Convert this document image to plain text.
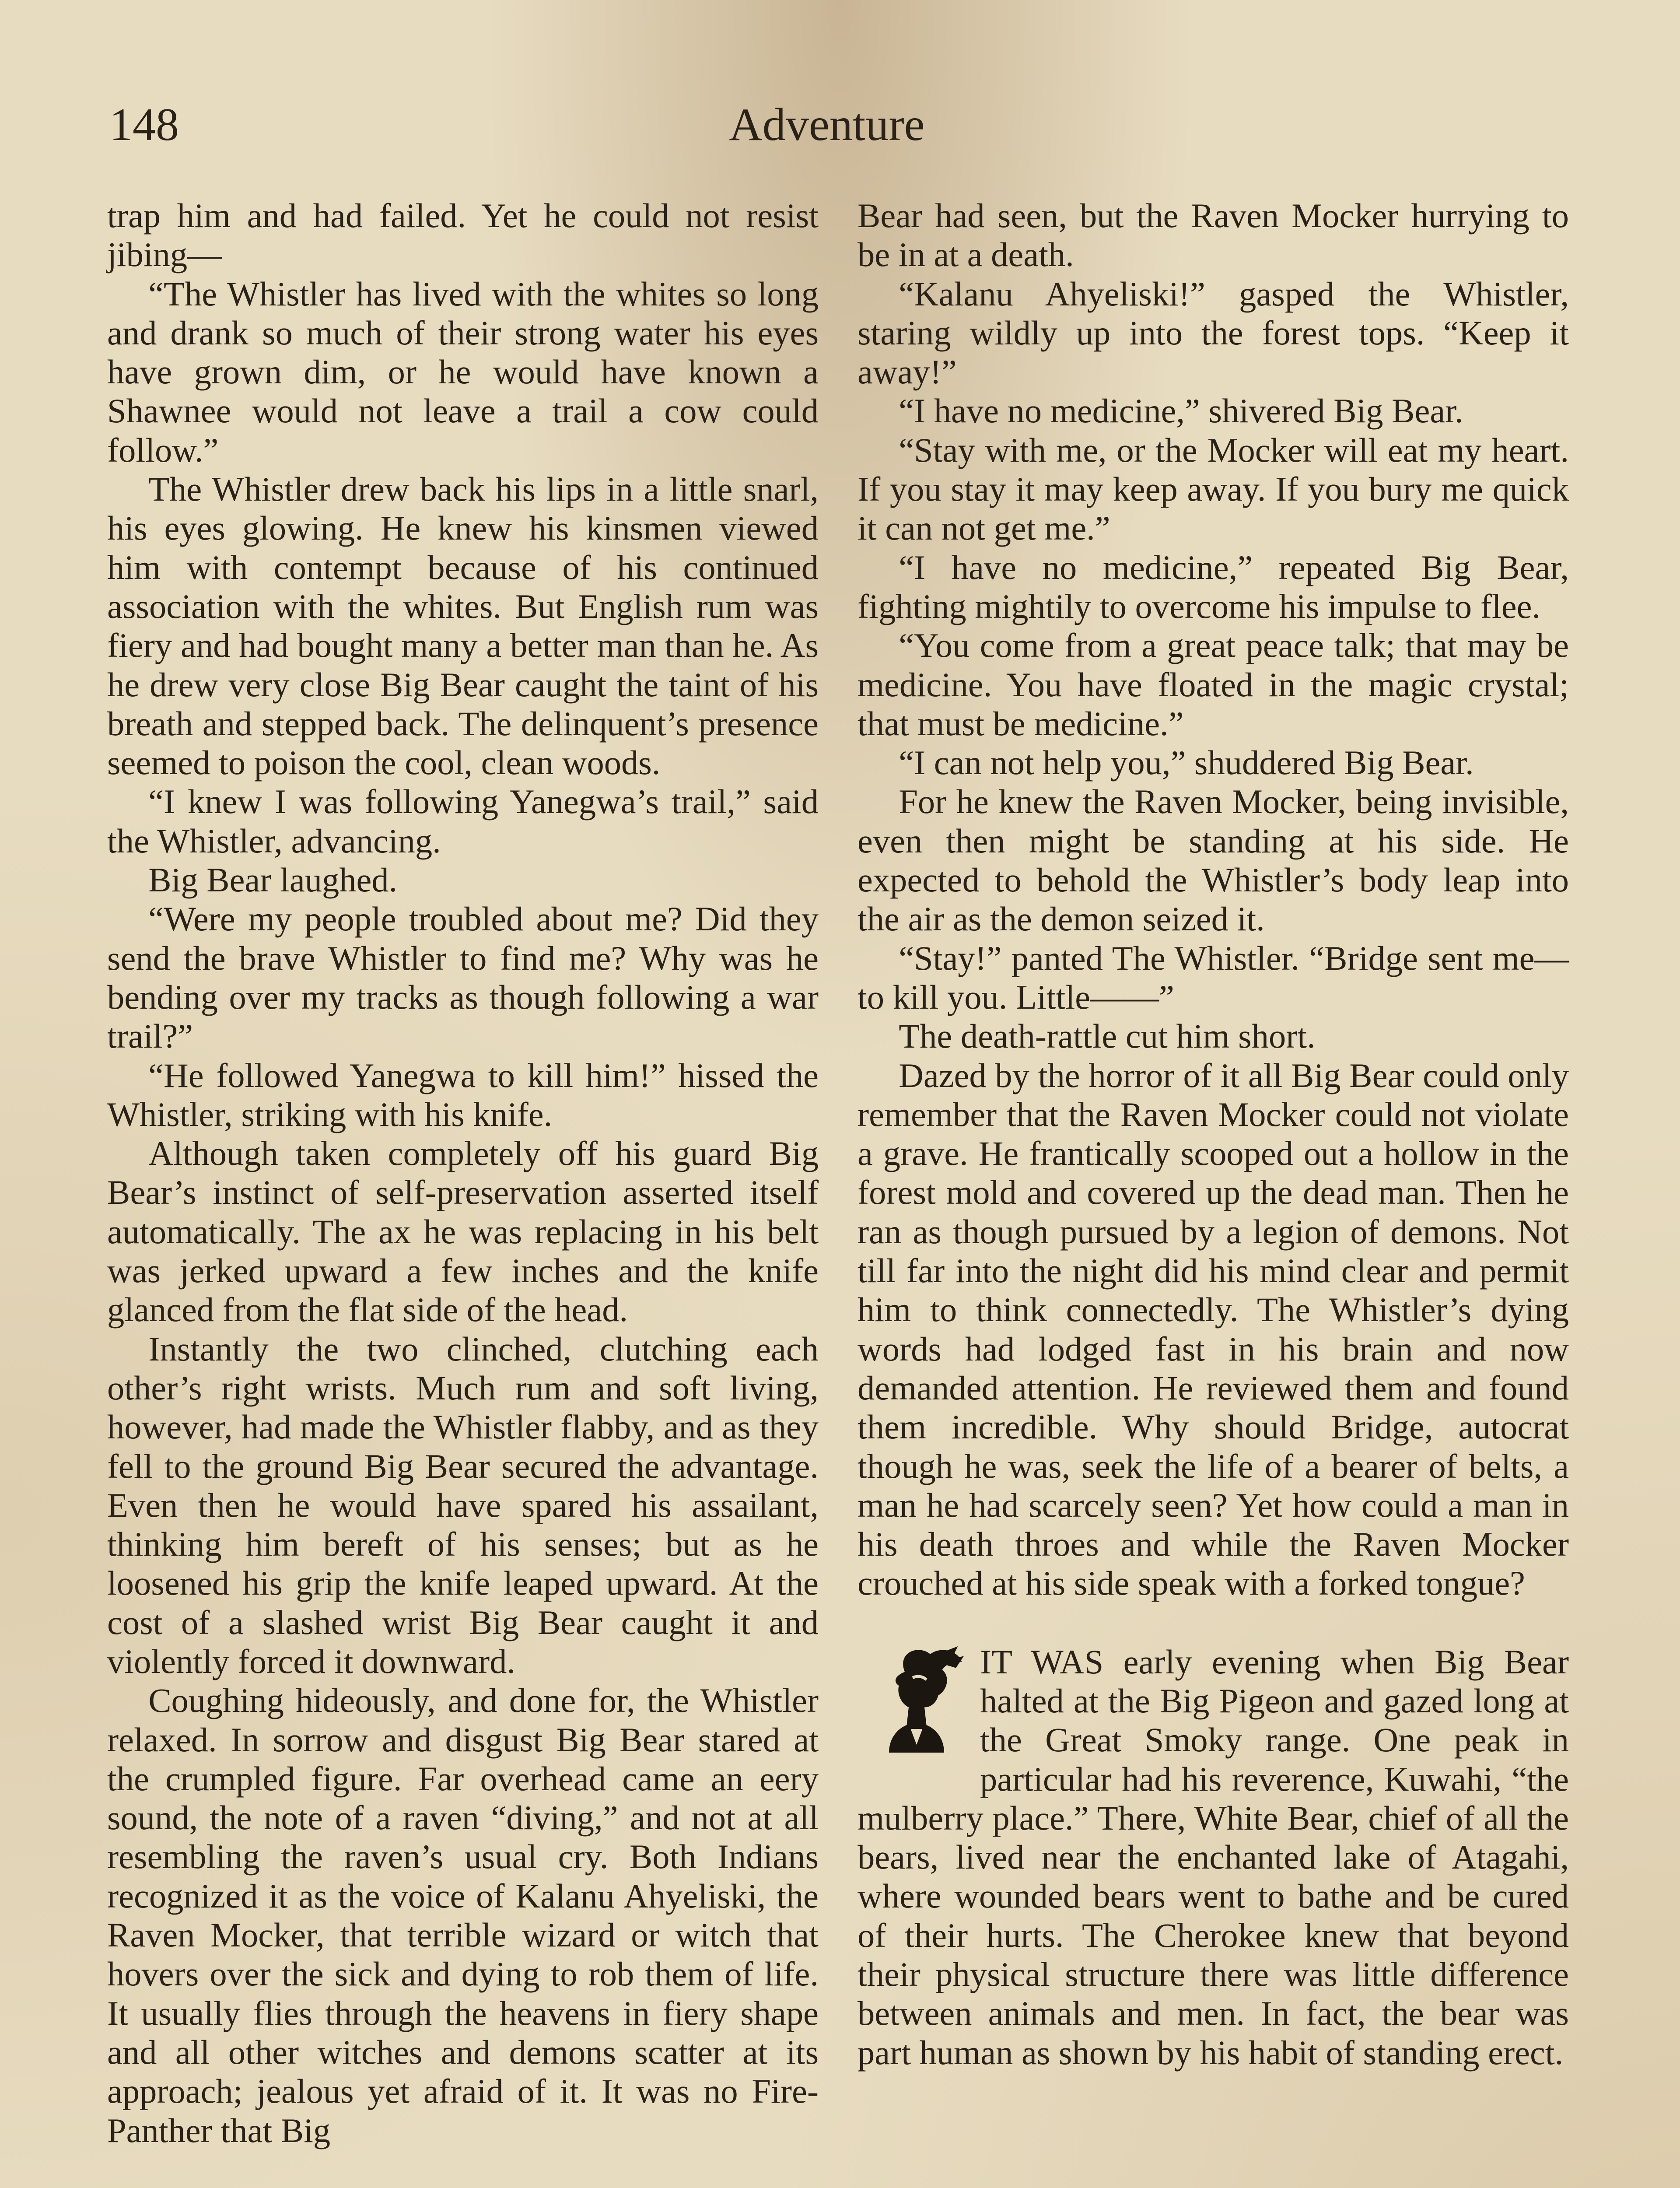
Adventure
148

trap him and had failed. Yet he could not resist jibing—

“The Whistler has lived with the whites so long and drank so much of their strong water his eyes have grown dim, or he would have known a Shawnee would not leave a trail a cow could follow.”

The Whistler drew back his lips in a little snarl, his eyes glowing. He knew his kinsmen viewed him with contempt because of his continued association with the whites. But English rum was fiery and had bought many a better man than he. As he drew very close Big Bear caught the taint of his breath and stepped back. The delinquent’s presence seemed to poison the cool, clean woods.

“I knew I was following Yanegwa’s trail,” said the Whistler, advancing.

Big Bear laughed.

“Were my people troubled about me? Did they send the brave Whistler to find me? Why was he bending over my tracks as though following a war trail?”

“He followed Yanegwa to kill him!” hissed the Whistler, striking with his knife.

Although taken completely off his guard Big Bear’s instinct of self-preservation asserted itself automatically. The ax he was replacing in his belt was jerked upward a few inches and the knife glanced from the flat side of the head.

Instantly the two clinched, clutching each other’s right wrists. Much rum and soft living, however, had made the Whistler flabby, and as they fell to the ground Big Bear secured the advantage. Even then he would have spared his assailant, thinking him bereft of his senses; but as he loosened his grip the knife leaped upward. At the cost of a slashed wrist Big Bear caught it and violently forced it downward.

Coughing hideously, and done for, the Whistler relaxed. In sorrow and disgust Big Bear stared at the crumpled figure. Far overhead came an eery sound, the note of a raven “diving,” and not at all resembling the raven’s usual cry. Both Indians recognized it as the voice of Kalanu Ahyeliski, the Raven Mocker, that terrible wizard or witch that hovers over the sick and dying to rob them of life. It usually flies through the heavens in fiery shape and all other witches and demons scatter at its approach; jealous yet afraid of it. It was no Fire-Panther that Big

Bear had seen, but the Raven Mocker hurrying to be in at a death.

“Kalanu Ahyeliski!” gasped the Whistler, staring wildly up into the forest tops. “Keep it away!”

“I have no medicine,” shivered Big Bear.

“Stay with me, or the Mocker will eat my heart. If you stay it may keep away. If you bury me quick it can not get me.”

“I have no medicine,” repeated Big Bear, fighting mightily to overcome his impulse to flee.

“You come from a great peace talk; that may be medicine. You have floated in the magic crystal; that must be medicine.”

“I can not help you,” shuddered Big Bear.

For he knew the Raven Mocker, being invisible, even then might be standing at his side. He expected to behold the Whistler’s body leap into the air as the demon seized it.

“Stay!” panted The Whistler. “Bridge sent me—to kill you. Little——”

The death-rattle cut him short.

Dazed by the horror of it all Big Bear could only remember that the Raven Mocker could not violate a grave. He frantically scooped out a hollow in the forest mold and covered up the dead man. Then he ran as though pursued by a legion of demons. Not till far into the night did his mind clear and permit him to think connectedly. The Whistler’s dying words had lodged fast in his brain and now demanded attention. He reviewed them and found them incredible. Why should Bridge, autocrat though he was, seek the life of a bearer of belts, a man he had scarcely seen? Yet how could a man in his death throes and while the Raven Mocker crouched at his side speak with a forked tongue?

IT WAS early evening when Big Bear halted at the Big Pigeon and gazed long at the Great Smoky range. One peak in particular had his reverence, Kuwahi, “the mulberry place.” There, White Bear, chief of all the bears, lived near the enchanted lake of Atagahi, where wounded bears went to bathe and be cured of their hurts. The Cherokee knew that beyond their physical structure there was little difference between animals and men. In fact, the bear was part human as shown by his habit of standing erect.
